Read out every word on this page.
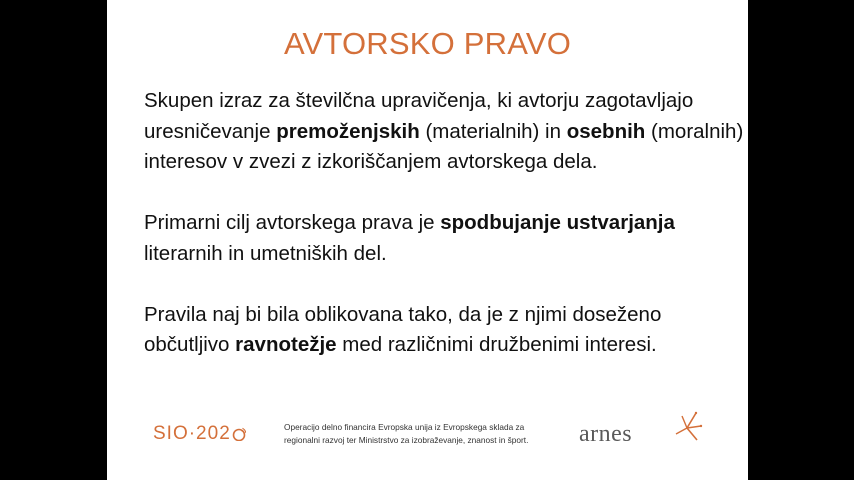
AVTORSKO PRAVO

Skupen izraz za številčna upravičenja, ki avtorju zagotavljajo uresničevanje premoženjskih (materialnih) in osebnih (moralnih) interesov v zvezi z izkoriščanjem avtorskega dela.

Primarni cilj avtorskega prava je spodbujanje ustvarjanja literarnih in umetniških del.

Pravila naj bi bila oblikovana tako, da je z njimi doseženo občutljivo ravnotežje med različnimi družbenimi interesi.

SIO·202	Operacijo delno financira Evropska unija iz Evropskega sklada za
regionalni razvoj ter Ministrstvo za izobraževanje, znanost in šport.	arnes
